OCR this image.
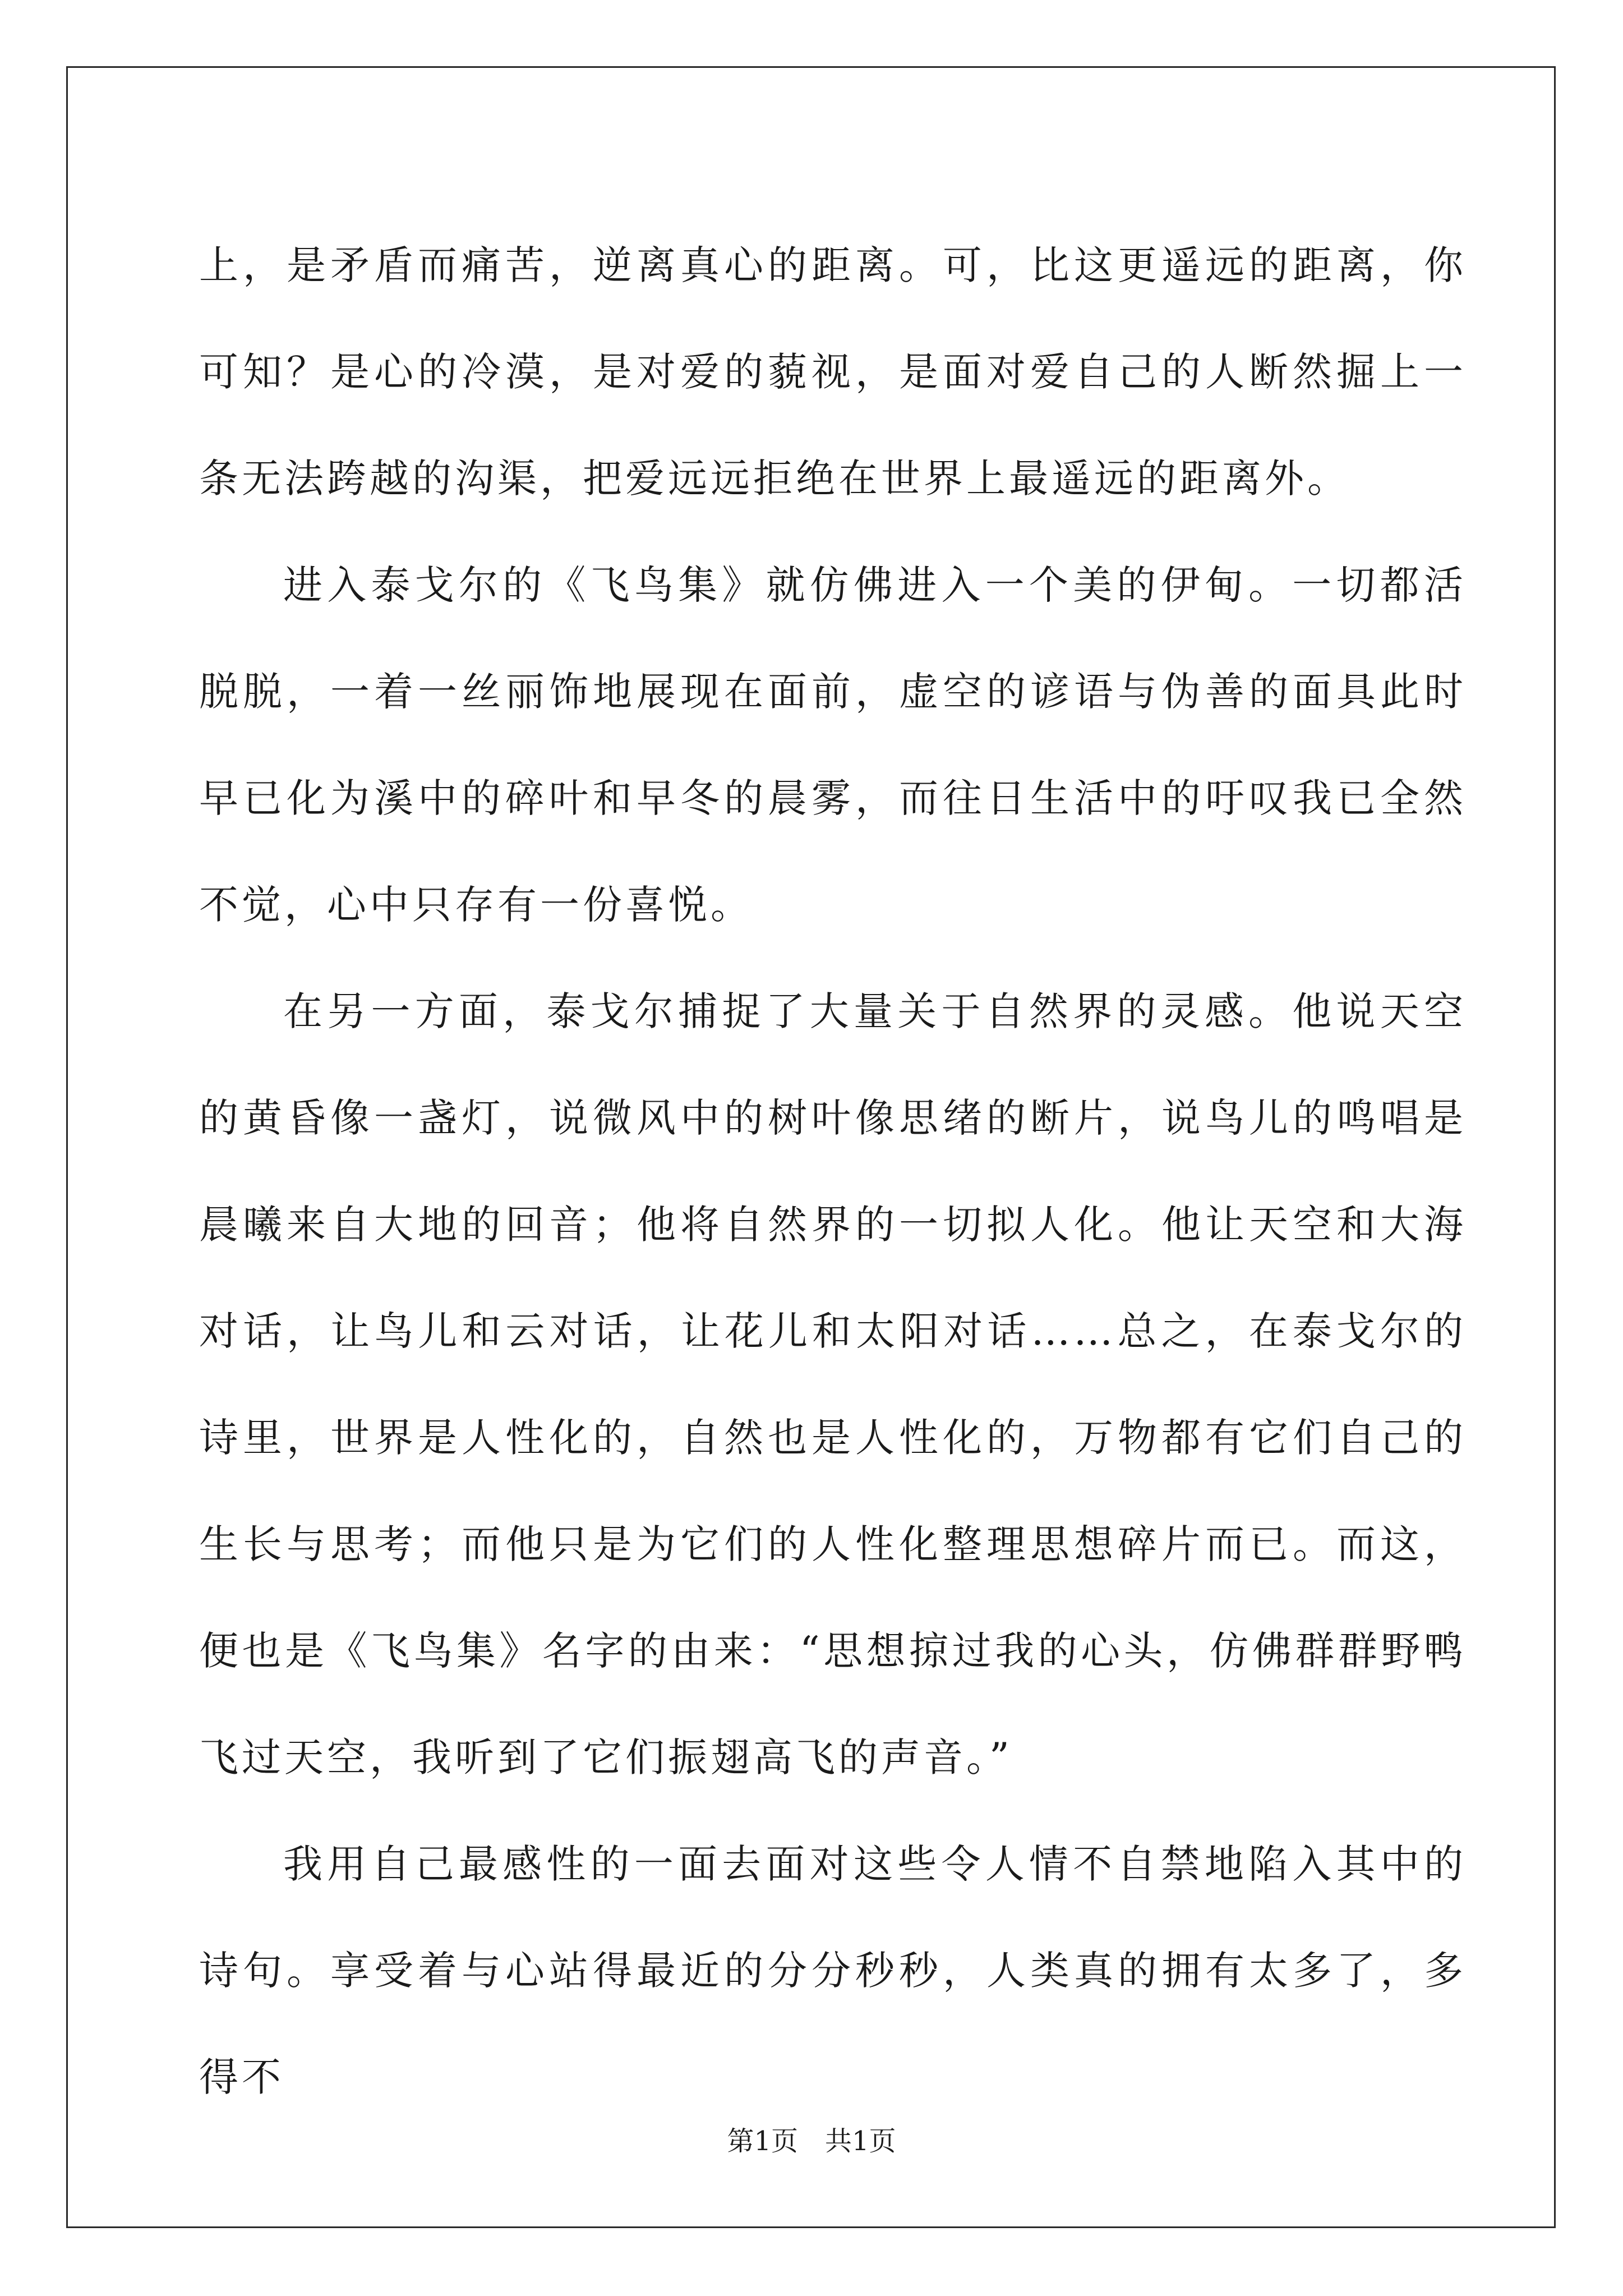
上，是矛盾而痛苦，逆离真心的距离。可，比这更遥远的距离，你可知？是心的冷漠，是对爱的藐视，是面对爱自己的人断然掘上一条无法跨越的沟渠，把爱远远拒绝在世界上最遥远的距离外。

进入泰戈尔的《飞鸟集》就仿佛进入一个美的伊甸。一切都活脱脱，一着一丝丽饰地展现在面前，虚空的谚语与伪善的面具此时早已化为溪中的碎叶和早冬的晨雾，而往日生活中的吁叹我已全然不觉，心中只存有一份喜悦。

在另一方面，泰戈尔捕捉了大量关于自然界的灵感。他说天空的黄昏像一盏灯，说微风中的树叶像思绪的断片，说鸟儿的鸣唱是晨曦来自大地的回音；他将自然界的一切拟人化。他让天空和大海对话，让鸟儿和云对话，让花儿和太阳对话……总之，在泰戈尔的诗里，世界是人性化的，自然也是人性化的，万物都有它们自己的生长与思考；而他只是为它们的人性化整理思想碎片而已。而这，便也是《飞鸟集》名字的由来：“思想掠过我的心头，仿佛群群野鸭飞过天空，我听到了它们振翅高飞的声音。”

我用自己最感性的一面去面对这些令人情不自禁地陷入其中的诗句。享受着与心站得最近的分分秒秒，人类真的拥有太多了，多得不

第1页 共1页
